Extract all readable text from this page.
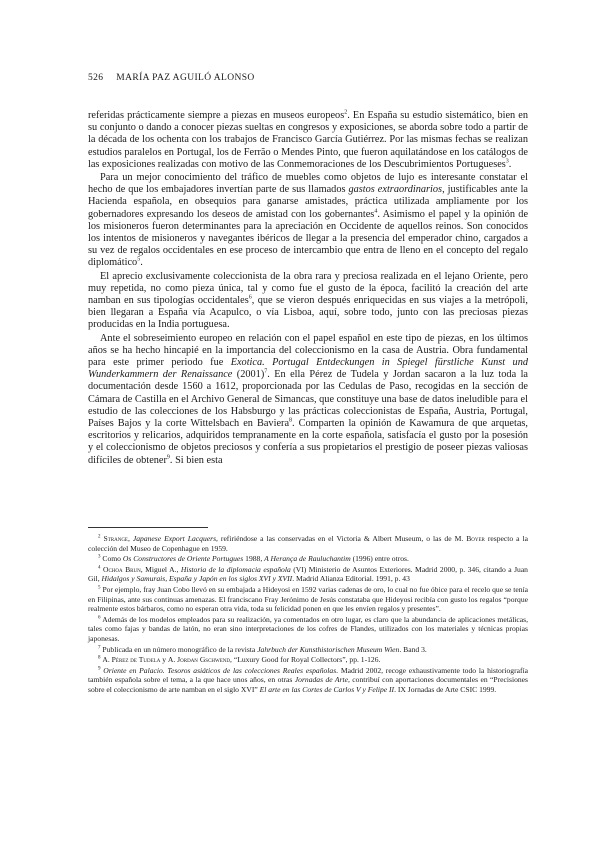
526 MARÍA PAZ AGUILÓ ALONSO

referidas prácticamente siempre a piezas en museos europeos$^2$. En España su estudio sistemático, bien en su conjunto o dando a conocer piezas sueltas en congresos y exposiciones, se aborda sobre todo a partir de la década de los ochenta con los trabajos de Francisco García Gutiérrez. Por las mismas fechas se realizan estudios paralelos en Portugal, los de Ferrão o Mendes Pinto, que fueron aquilatándose en los catálogos de las exposiciones realizadas con motivo de las Conmemoraciones de los Descubrimientos Portugueses$^3$.

Para un mejor conocimiento del tráfico de muebles como objetos de lujo es interesante constatar el hecho de que los embajadores invertían parte de sus llamados gastos extraordinarios, justificables ante la Hacienda española, en obsequios para ganarse amistades, práctica utilizada ampliamente por los gobernadores expresando los deseos de amistad con los gobernantes$^4$. Asimismo el papel y la opinión de los misioneros fueron determinantes para la apreciación en Occidente de aquellos reinos. Son conocidos los intentos de misioneros y navegantes ibéricos de llegar a la presencia del emperador chino, cargados a su vez de regalos occidentales en ese proceso de intercambio que entra de lleno en el concepto del regalo diplomático$^5$.

El aprecio exclusivamente coleccionista de la obra rara y preciosa realizada en el lejano Oriente, pero muy repetida, no como pieza única, tal y como fue el gusto de la época, facilitó la creación del arte namban en sus tipologías occidentales$^6$, que se vieron después enriquecidas en sus viajes a la metrópoli, bien llegaran a España vía Acapulco, o vía Lisboa, aquí, sobre todo, junto con las preciosas piezas producidas en la India portuguesa.

Ante el sobreseimiento europeo en relación con el papel español en este tipo de piezas, en los últimos años se ha hecho hincapié en la importancia del coleccionismo en la casa de Austria. Obra fundamental para este primer periodo fue Exotica. Portugal Entdeckungen in Spiegel fürstliche Kunst und Wunderkammern der Renaissance $(2001)^7$. En ella Pérez de Tudela y Jordan sacaron a la luz toda la documentación desde 1560 a 1612, proporcionada por las Cedulas de Paso, recogidas en la sección de Cámara de Castilla en el Archivo General de Simancas, que constituye una base de datos ineludible para el estudio de las colecciones de los Habsburgo y las prácticas coleccionistas de España, Austria, Portugal, Países Bajos y la corte Wittelsbach en Baviera$^8$. Comparten la opinión de Kawamura de que arquetas, escritorios y relicarios, adquiridos tempranamente en la corte española, satisfacía el gusto por la posesión y el coleccionismo de objetos preciosos y confería a sus propietarios el prestigio de poseer piezas valiosas difíciles de obtener$^9$. Si bien esta

$^2$ Strange, Japanese Export Lacquers, refiriéndose a las conservadas en el Victoria & Albert Museum, o las de M. Boyer respecto a la colección del Museo de Copenhague en 1959.

$^3$ Como Os Constructores de Oriente Portugues 1988, A Herança de Rauluchantim (1996) entre otros.

$^4$ Ochoa Brun, Miguel A., Historia de la diplomacia española (VI) Ministerio de Asuntos Exteriores. Madrid 2000, p. 346, citando a Juan Gil, Hidalgos y Samurais, España y Japón en los siglos XVI y XVII. Madrid Alianza Editorial. 1991, p. 43

$^5$ Por ejemplo, fray Juan Cobo llevó en su embajada a Hideyosi en 1592 varias cadenas de oro, lo cual no fue óbice para el recelo que se tenía en Filipinas, ante sus continuas amenazas. El franciscano Fray Jerónimo de Jesús constataba que Hideyosi recibía con gusto los regalos “porque realmente estos bárbaros, como no esperan otra vida, toda su felicidad ponen en que les envíen regalos y presentes”.

$^6$ Además de los modelos empleados para su realización, ya comentados en otro lugar, es claro que la abundancia de aplicaciones metálicas, tales como fajas y bandas de latón, no eran sino interpretaciones de los cofres de Flandes, utilizados con los materiales y técnicas propias japonesas.

$^7$ Publicada en un número monográfico de la revista Jahrbuch der Kunsthistorischen Museum Wien. Band 3.

$^8$ A. Pérez de Tudela y A. Jordan Gschwend, “Luxury Good for Royal Collectors”, pp. 1-126.

$^9$ Oriente en Palacio. Tesoros asiáticos de las colecciones Reales españolas. Madrid 2002, recoge exhaustivamente todo la historiografía también española sobre el tema, a la que hace unos años, en otras Jornadas de Arte, contribuí con aportaciones documentales en “Precisiones sobre el coleccionismo de arte namban en el siglo XVI” El arte en las Cortes de Carlos V y Felipe II. IX Jornadas de Arte CSIC 1999.
